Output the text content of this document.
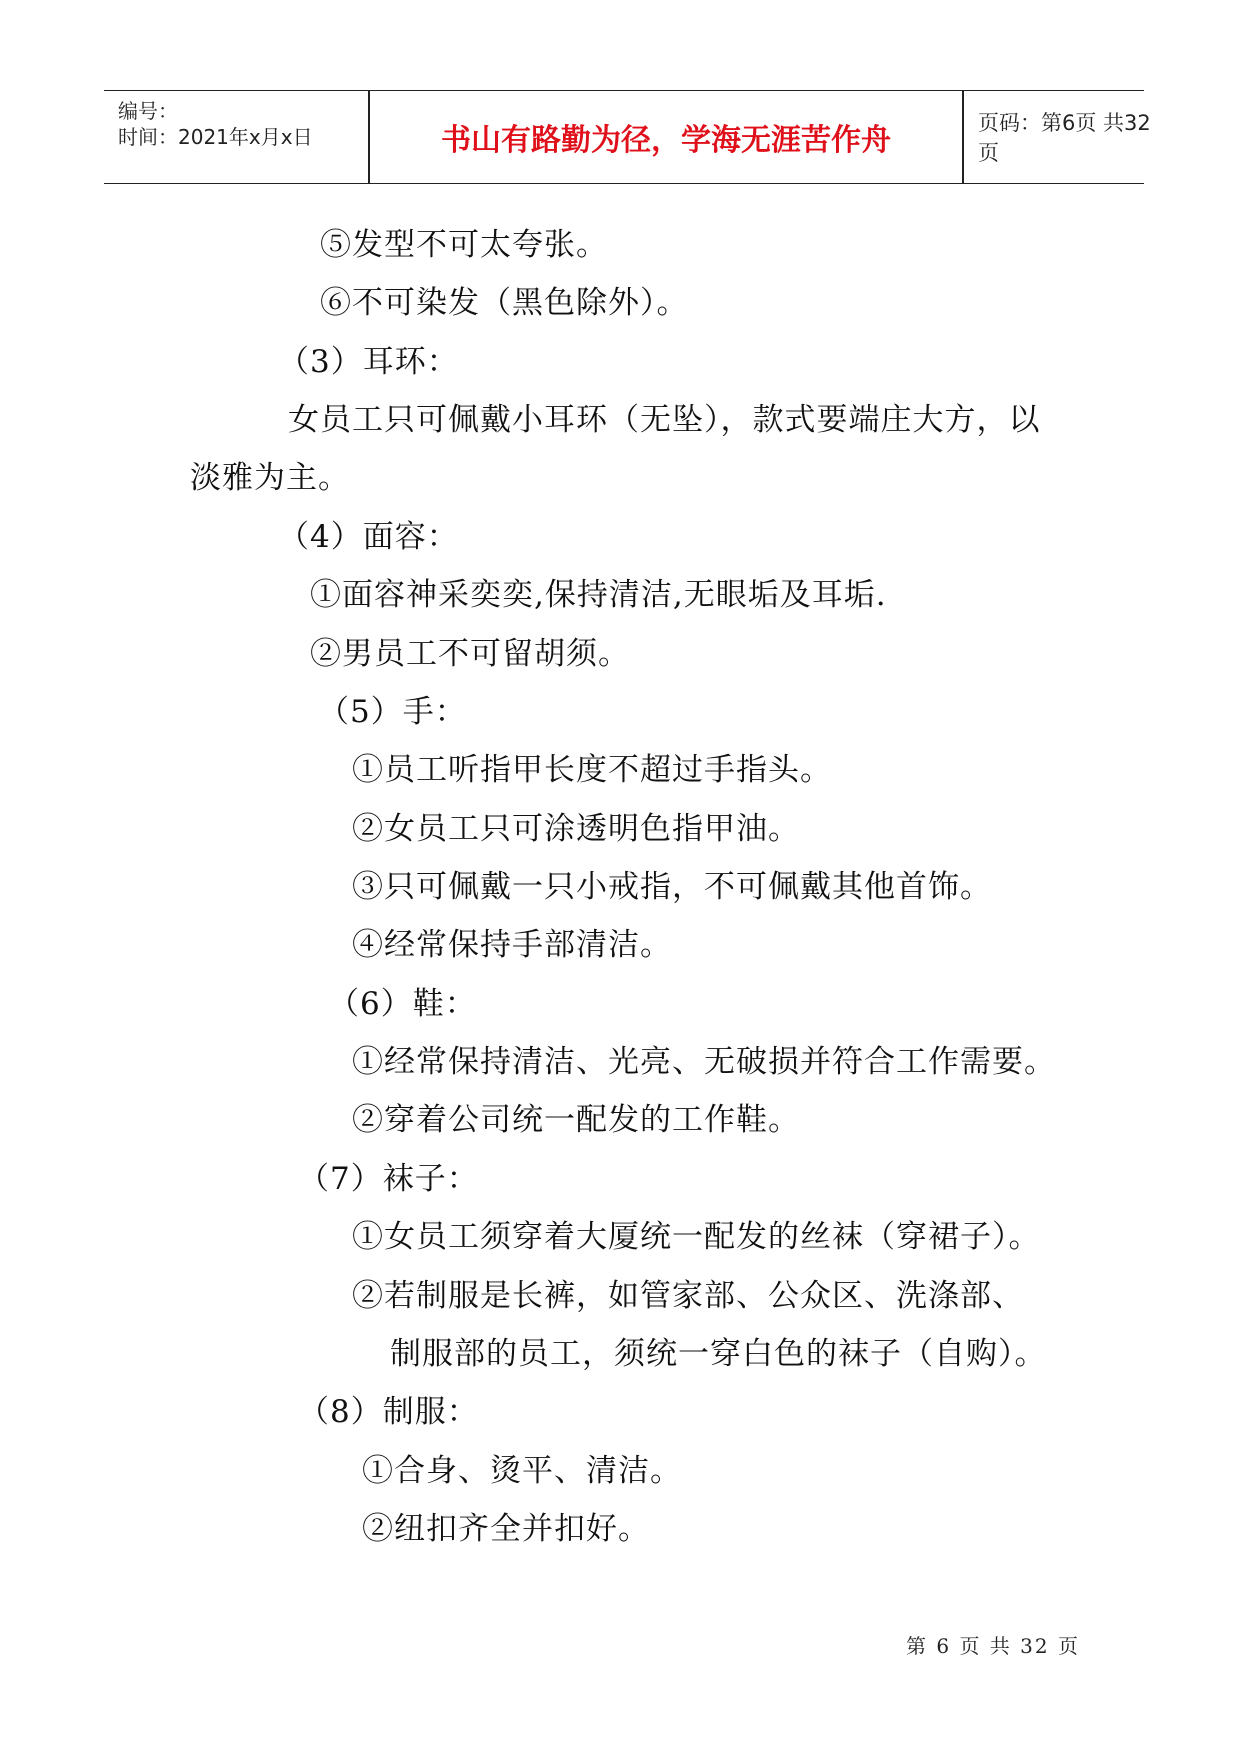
编号：
时间：2021年x月x日	书山有路勤为径，学海无涯苦作舟	页码：第6页 共32页
⑤发型不可太夸张。
⑥不可染发（黑色除外）。
（3）耳环：
女员工只可佩戴小耳环（无坠），款式要端庄大方，以
淡雅为主。
（4）面容：
①面容神采奕奕,保持清洁,无眼垢及耳垢.
②男员工不可留胡须。
（5）手：
①员工听指甲长度不超过手指头。
②女员工只可涂透明色指甲油。
③只可佩戴一只小戒指，不可佩戴其他首饰。
④经常保持手部清洁。
（6）鞋：
①经常保持清洁、光亮、无破损并符合工作需要。
②穿着公司统一配发的工作鞋。
（7）袜子：
①女员工须穿着大厦统一配发的丝袜（穿裙子）。
②若制服是长裤，如管家部、公众区、洗涤部、
制服部的员工，须统一穿白色的袜子（自购）。
（8）制服：
①合身、烫平、清洁。
②纽扣齐全并扣好。
第 6 页 共 32 页
